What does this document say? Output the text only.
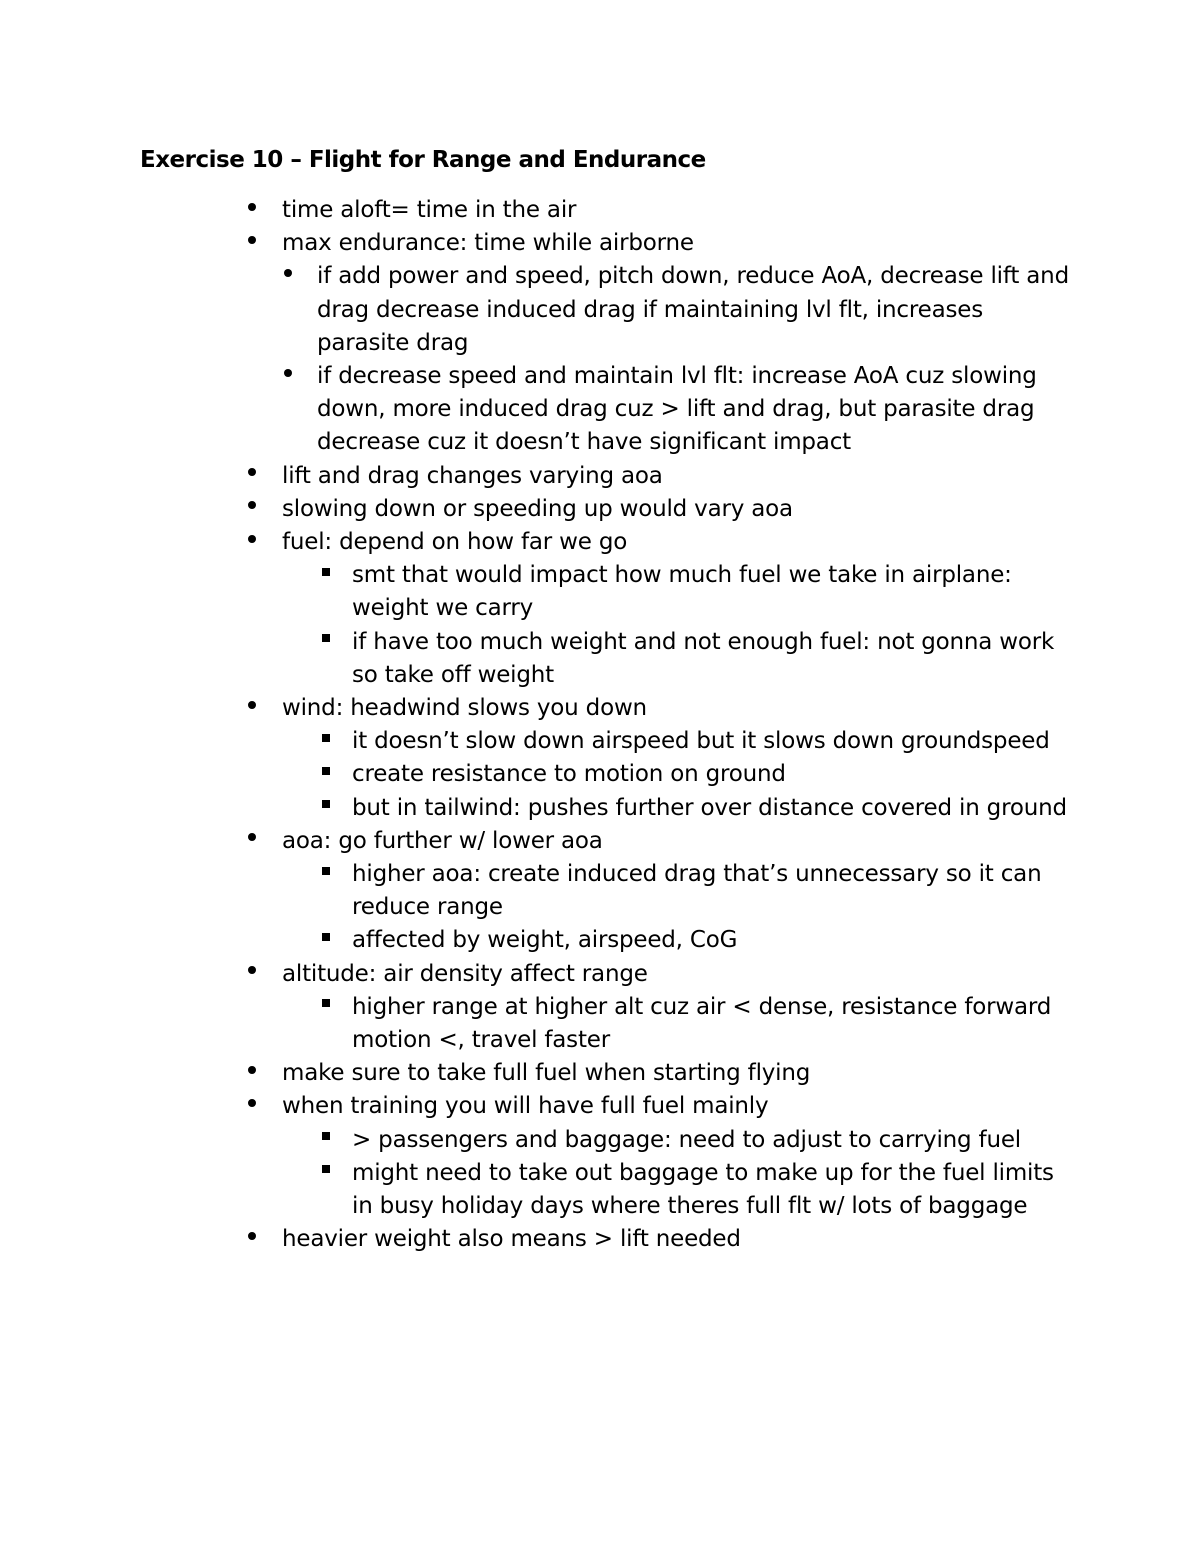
Exercise 10 – Flight for Range and Endurance
time aloft= time in the air
max endurance: time while airborne
if add power and speed, pitch down, reduce AoA, decrease lift and drag decrease induced drag if maintaining lvl flt, increases parasite drag
if decrease speed and maintain lvl flt: increase AoA cuz slowing down, more induced drag cuz > lift and drag, but parasite drag decrease cuz it doesn’t have significant impact
lift and drag changes varying aoa
slowing down or speeding up would vary aoa
fuel: depend on how far we go
smt that would impact how much fuel we take in airplane: weight we carry
if have too much weight and not enough fuel: not gonna work so take off weight
wind: headwind slows you down
it doesn’t slow down airspeed but it slows down groundspeed
create resistance to motion on ground
but in tailwind: pushes further over distance covered in ground
aoa: go further w/ lower aoa
higher aoa: create induced drag that’s unnecessary so it can reduce range
affected by weight, airspeed, CoG
altitude: air density affect range
higher range at higher alt cuz air < dense, resistance forward motion <, travel faster
make sure to take full fuel when starting flying
when training you will have full fuel mainly
> passengers and baggage: need to adjust to carrying fuel
might need to take out baggage to make up for the fuel limits in busy holiday days where theres full flt w/ lots of baggage
heavier weight also means > lift needed
